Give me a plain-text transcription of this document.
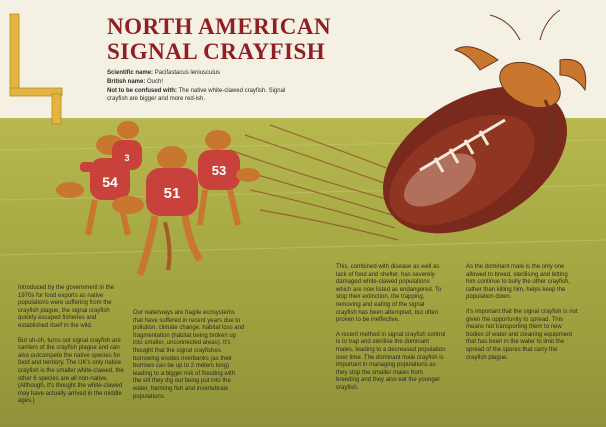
54
51
53
3
NORTH AMERICAN
SIGNAL CRAYFISH
Scientific name: Pacifastacus leniusculus
British name: Ouch!
Not to be confused with: The native white-clawed crayfish. Signal crayfish are bigger and more red-ish.

Introduced by the government in the 1970s for food exports as native populations were suffering from the crayfish plague, the signal crayfish quickly escaped fisheries and established itself in the wild.

But uh-oh, turns out signal crayfish are carriers of the crayfish plague and can also outcompete the native species for food and territory. The UK's only native crayfish is the smaller white-clawed, the other 6 species are all non-native. (Although, it's thought the white-clawed may have actually arrived in the middle ages.)

Our waterways are fragile ecosystems that have suffered in recent years due to pollution, climate change, habitat loss and fragmentation (habitat being broken up into smaller, unconnected areas). It's thought that the signal crayfishes burrowing erodes riverbanks (as their burrows can be up to 2 meters long) leading to a bigger risk of flooding with the silt they dig out being put into the water, harming fish and invertebrate populations.

This, combined with disease as well as lack of food and shelter, has severely damaged white-clawed populations which are now listed as endangered. To stop their extinction, the trapping, removing and eating of the signal crayfish has been attempted, but often proven to be ineffective.

A recent method in signal crayfish control is to trap and sterilise the dominant males, leading to a decreased population over time. The dominant male crayfish is important in managing populations as they stop the smaller males from breeding and they also eat the younger crayfish.

As the dominant male is the only one allowed to breed, sterilising and letting him continue to bully the other crayfish, rather than killing him, helps keep the population down.

It's important that the signal crayfish is not given the opportunity to spread. This means not transporting them to new bodies of water and cleaning equipment that has been in the water to limit the spread of the spores that carry the crayfish plague.
